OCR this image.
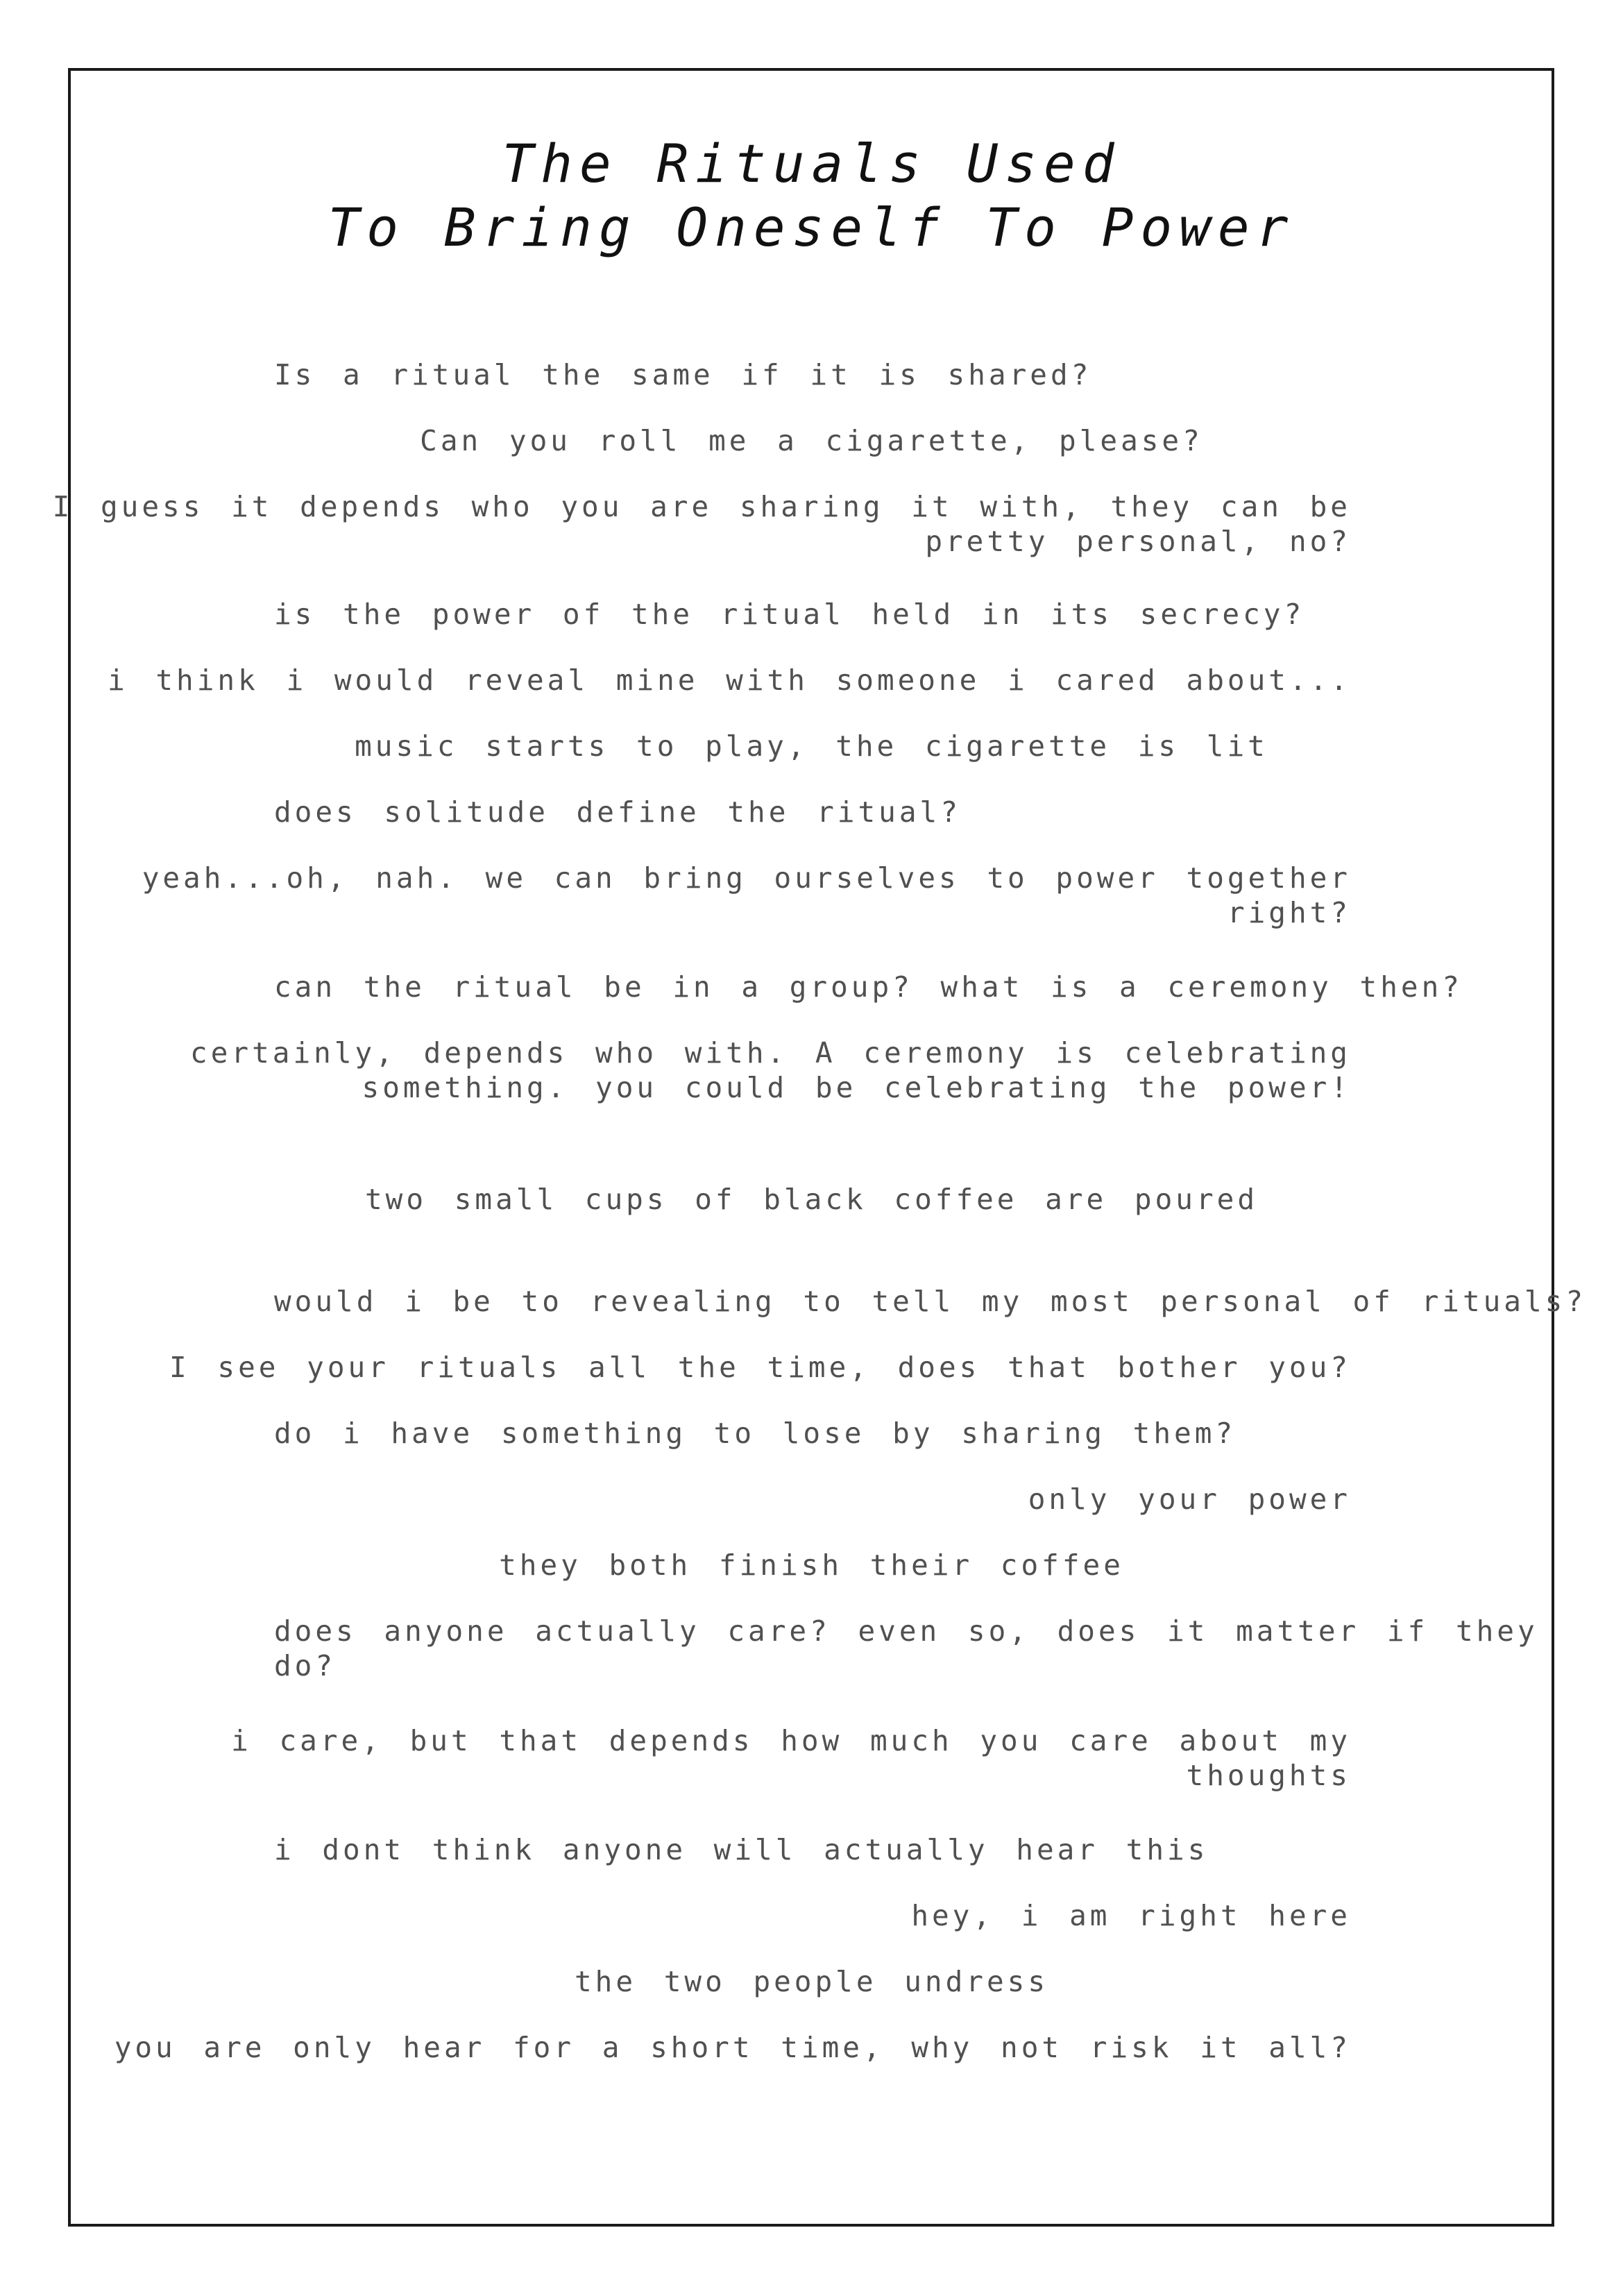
The Rituals Used
To Bring Oneself To Power
Is a ritual the same if it is shared?
Can you roll me a cigarette, please?
I guess it depends who you are sharing it with, they can be
pretty personal, no?
is the power of the ritual held in its secrecy?
i think i would reveal mine with someone i cared about...
music starts to play, the cigarette is lit
does solitude define the ritual?
yeah...oh, nah. we can bring ourselves to power together
right?
can the ritual be in a group? what is a ceremony then?
certainly, depends who with. A ceremony is celebrating
something. you could be celebrating the power!
two small cups of black coffee are poured
would i be to revealing to tell my most personal of rituals?
I see your rituals all the time, does that bother you?
do i have something to lose by sharing them?
only your power
they both finish their coffee
does anyone actually care? even so, does it matter if they
do?
i care, but that depends how much you care about my
thoughts
i dont think anyone will actually hear this
hey, i am right here
the two people undress
you are only hear for a short time, why not risk it all?
